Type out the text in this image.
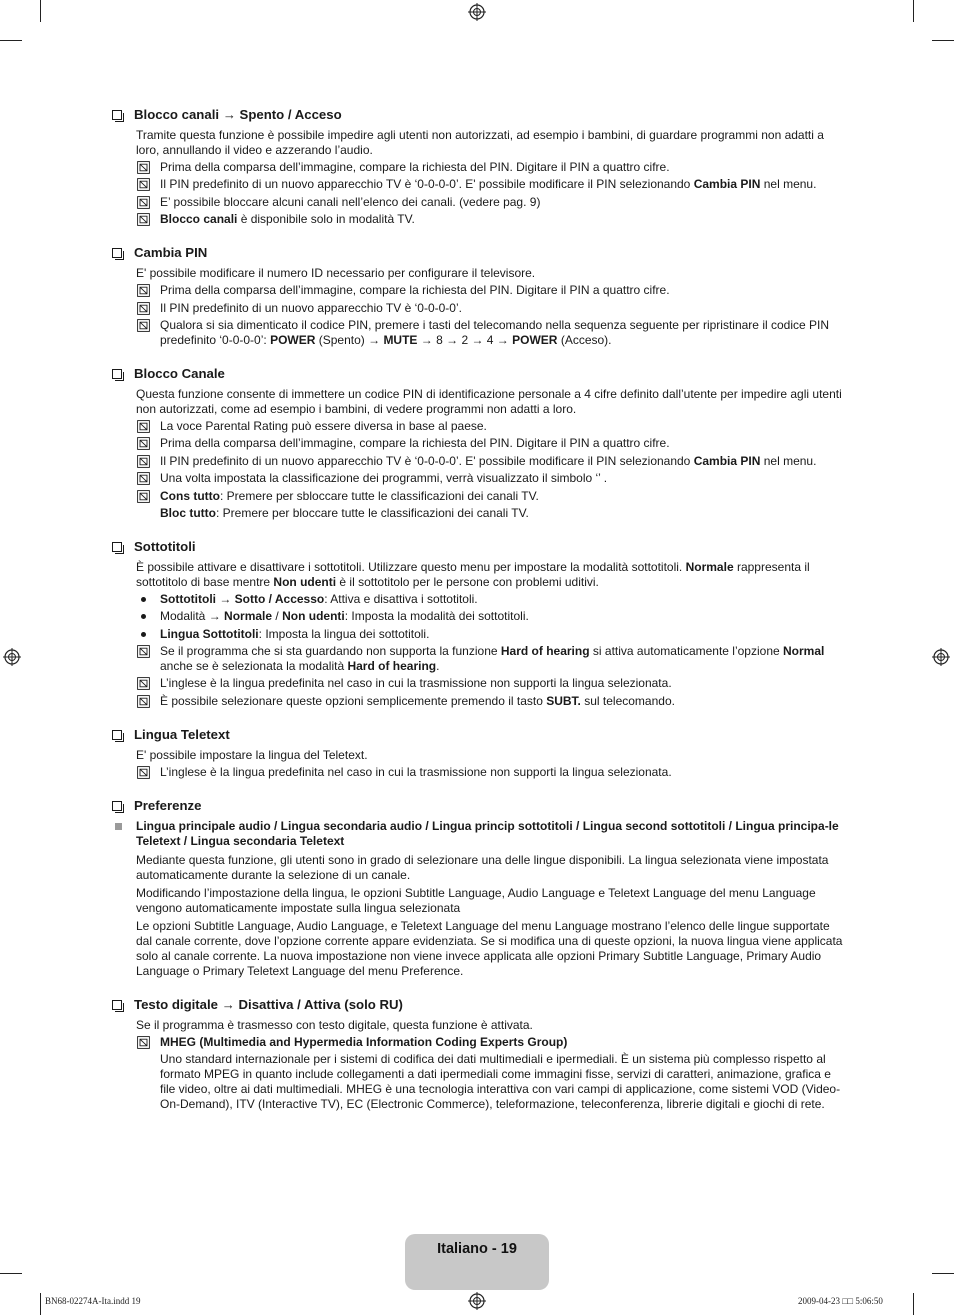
Blocco canali → Spento / Acceso
Tramite questa funzione è possibile impedire agli utenti non autorizzati, ad esempio i bambini, di guardare programmi non adatti a loro, annullando il video e azzerando l’audio.
Prima della comparsa dell’immagine, compare la richiesta del PIN. Digitare il PIN a quattro cifre.
Il PIN predefinito di un nuovo apparecchio TV è ‘0-0-0-0’. E' possibile modificare il PIN selezionando Cambia PIN nel menu.
E’ possibile bloccare alcuni canali nell’elenco dei canali. (vedere pag. 9)
Blocco canali è disponibile solo in modalità TV.
Cambia PIN
E' possibile modificare il numero ID necessario per configurare il televisore.
Prima della comparsa dell’immagine, compare la richiesta del PIN. Digitare il PIN a quattro cifre.
Il PIN predefinito di un nuovo apparecchio TV è ‘0-0-0-0’.
Qualora si sia dimenticato il codice PIN, premere i tasti del telecomando nella sequenza seguente per ripristinare il codice PIN predefinito ‘0-0-0-0’: POWER (Spento) → MUTE → 8 → 2 → 4 → POWER (Acceso).
Blocco Canale
Questa funzione consente di immettere un codice PIN di identificazione personale a 4 cifre definito dall’utente per impedire agli utenti non autorizzati, come ad esempio i bambini, di vedere programmi non adatti a loro.
La voce Parental Rating può essere diversa in base al paese.
Prima della comparsa dell’immagine, compare la richiesta del PIN. Digitare il PIN a quattro cifre.
Il PIN predefinito di un nuovo apparecchio TV è ‘0-0-0-0’. E' possibile modificare il PIN selezionando Cambia PIN nel menu.
Una volta impostata la classificazione dei programmi, verrà visualizzato il simbolo ‘’ .
Cons tutto: Premere per sbloccare tutte le classificazioni dei canali TV.
Bloc tutto: Premere per bloccare tutte le classificazioni dei canali TV.
Sottotitoli
È possibile attivare e disattivare i sottotitoli. Utilizzare questo menu per impostare la modalità sottotitoli. Normale rappresenta il sottotitolo di base mentre Non udenti è il sottotitolo per le persone con problemi uditivi.
Sottotitoli → Sotto / Accesso: Attiva e disattiva i sottotitoli.
Modalità → Normale / Non udenti: Imposta la modalità dei sottotitoli.
Lingua Sottotitoli: Imposta la lingua dei sottotitoli.
Se il programma che si sta guardando non supporta la funzione Hard of hearing si attiva automaticamente l’opzione Normal anche se è selezionata la modalità Hard of hearing.
L’inglese è la lingua predefinita nel caso in cui la trasmissione non supporti la lingua selezionata.
È possibile selezionare queste opzioni semplicemente premendo il tasto SUBT. sul telecomando.
Lingua Teletext
E' possibile impostare la lingua del Teletext.
L’inglese è la lingua predefinita nel caso in cui la trasmissione non supporti la lingua selezionata.
Preferenze
Lingua principale audio / Lingua secondaria audio / Lingua princip sottotitoli / Lingua second sottotitoli / Lingua principa-le Teletext / Lingua secondaria Teletext
Mediante questa funzione, gli utenti sono in grado di selezionare una delle lingue disponibili. La lingua selezionata viene impostata automaticamente durante la selezione di un canale.
Modificando l’impostazione della lingua, le opzioni Subtitle Language, Audio Language e Teletext Language del menu Language vengono automaticamente impostate sulla lingua selezionata
Le opzioni Subtitle Language, Audio Language, e Teletext Language del menu Language mostrano l’elenco delle lingue supportate dal canale corrente, dove l’opzione corrente appare evidenziata. Se si modifica una di queste opzioni, la nuova lingua viene applicata solo al canale corrente. La nuova impostazione non viene invece applicata alle opzioni Primary Subtitle Language, Primary Audio Language o Primary Teletext Language del menu Preference.
Testo digitale → Disattiva / Attiva (solo RU)
Se il programma è trasmesso con testo digitale, questa funzione è attivata.
MHEG (Multimedia and Hypermedia Information Coding Experts Group)
Uno standard internazionale per i sistemi di codifica dei dati multimediali e ipermediali. È un sistema più complesso rispetto al formato MPEG in quanto include collegamenti a dati ipermediali come immagini fisse, servizi di caratteri, animazione, grafica e file video, oltre ai dati multimediali. MHEG è una tecnologia interattiva con vari campi di applicazione, come sistemi VOD (Video-On-Demand), ITV (Interactive TV), EC (Electronic Commerce), teleformazione, teleconferenza, librerie digitali e giochi di rete.
Italiano - 19
BN68-02274A-Ita.indd 19	2009-04-23 □□ 5:06:50
